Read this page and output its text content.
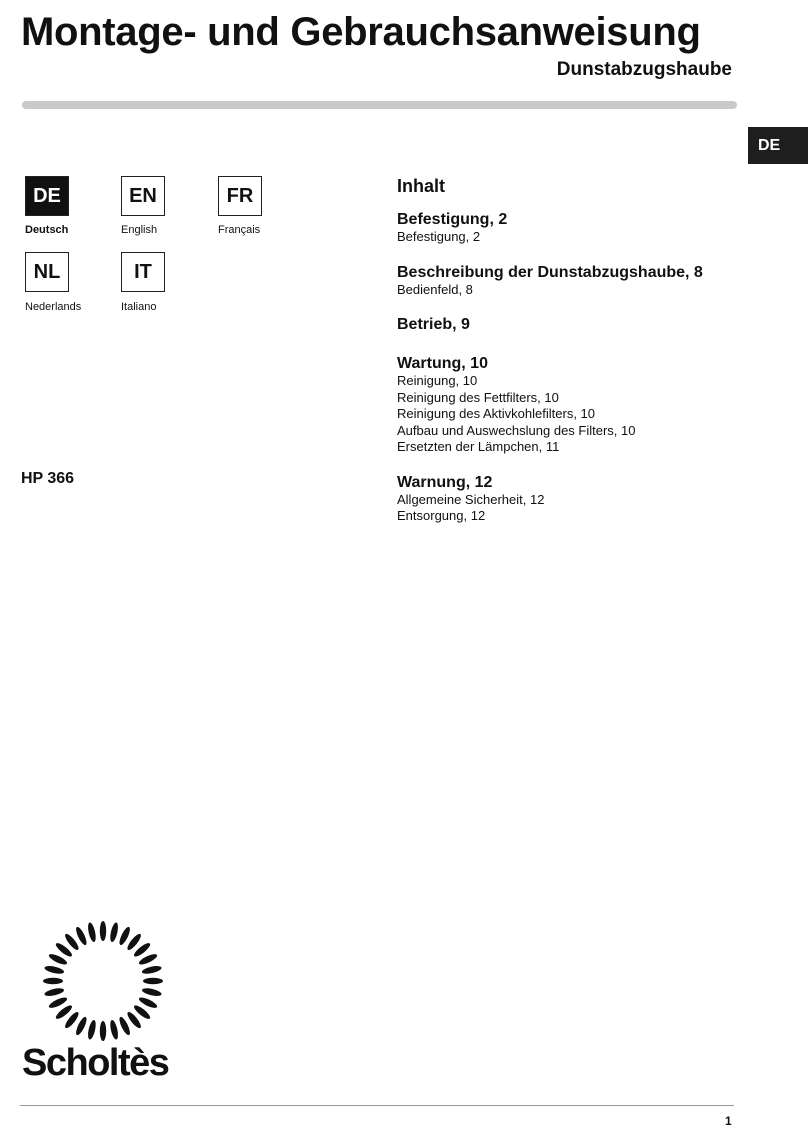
Montage- und Gebrauchsanweisung
Dunstabzugshaube
DE
DE
Deutsch
EN
English
FR
Français
NL
Nederlands
IT
Italiano
HP 366
Inhalt
Befestigung, 2
Befestigung, 2
Beschreibung der Dunstabzugshaube, 8
Bedienfeld, 8
Betrieb, 9
Wartung, 10
Reinigung, 10
Reinigung des Fettfilters, 10
Reinigung des Aktivkohlefilters, 10
Aufbau und Auswechslung des Filters, 10
Ersetzten der Lämpchen, 11
Warnung, 12
Allgemeine Sicherheit, 12
Entsorgung, 12
Scholtès
1
